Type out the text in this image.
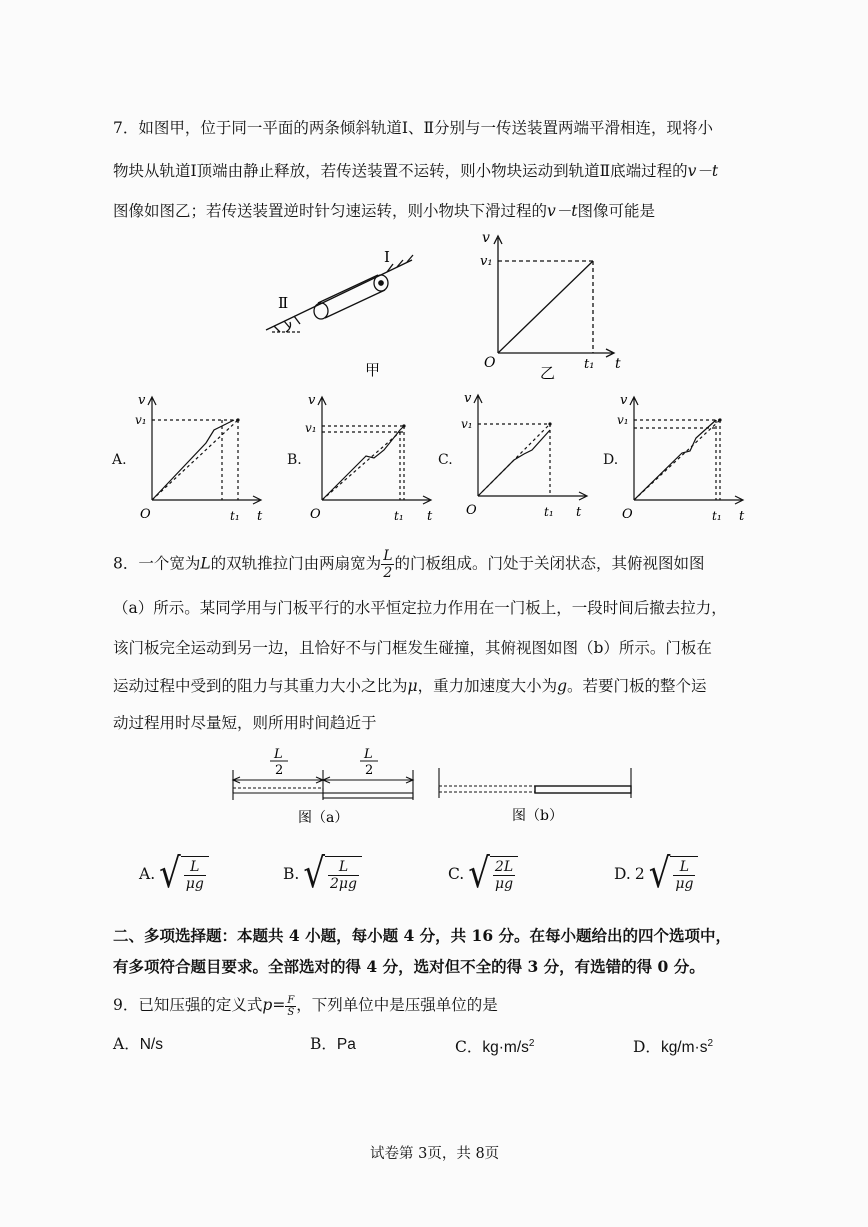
7．如图甲，位于同一平面的两条倾斜轨道Ⅰ、Ⅱ分别与一传送装置两端平滑相连，现将小
物块从轨道Ⅰ顶端由静止释放，若传送装置不运转，则小物块运动到轨道Ⅱ底端过程的v－t
图像如图乙；若传送装置逆时针匀速运转，则小物块下滑过程的v－t图像可能是
Ⅰ
Ⅱ
甲
v
v₁
O	t₁ t
乙
A.
v
v₁
O	t₁ t
B.
v
v₁
O	t₁ t
C.
v
v₁
O	t₁ t
D.
v
v₁
O	t₁ t
8．一个宽为L的双轨推拉门由两扇宽为 $\frac{L}{2}$ 的门板组成。门处于关闭状态，其俯视图如图
（a）所示。某同学用与门板平行的水平恒定拉力作用在一门板上，一段时间后撤去拉力，
该门板完全运动到另一边，且恰好不与门框发生碰撞，其俯视图如图（b）所示。门板在
运动过程中受到的阻力与其重力大小之比为μ，重力加速度大小为g。若要门板的整个运
动过程用时尽量短，则所用时间趋近于
L
2
L
2
图（a）	图（b）
A. √ $\frac{L}{\mu g}$	B. √ $\frac{L}{2\mu g}$	C. √ $\frac{2L}{\mu g}$	D. 2 √ $\frac{L}{\mu g}$
二、多项选择题：本题共 4 小题，每小题 4 分，共 16 分。在每小题给出的四个选项中，
有多项符合题目要求。全部选对的得 4 分，选对但不全的得 3 分，有选错的得 0 分。
9．已知压强的定义式$p= \frac{F}{S}$ ，下列单位中是压强单位的是
A．N/s	B．Pa	C．$kg\cdot m/s^2$	D．$kg/m\cdot s^2$
试卷第 3页，共 8页
